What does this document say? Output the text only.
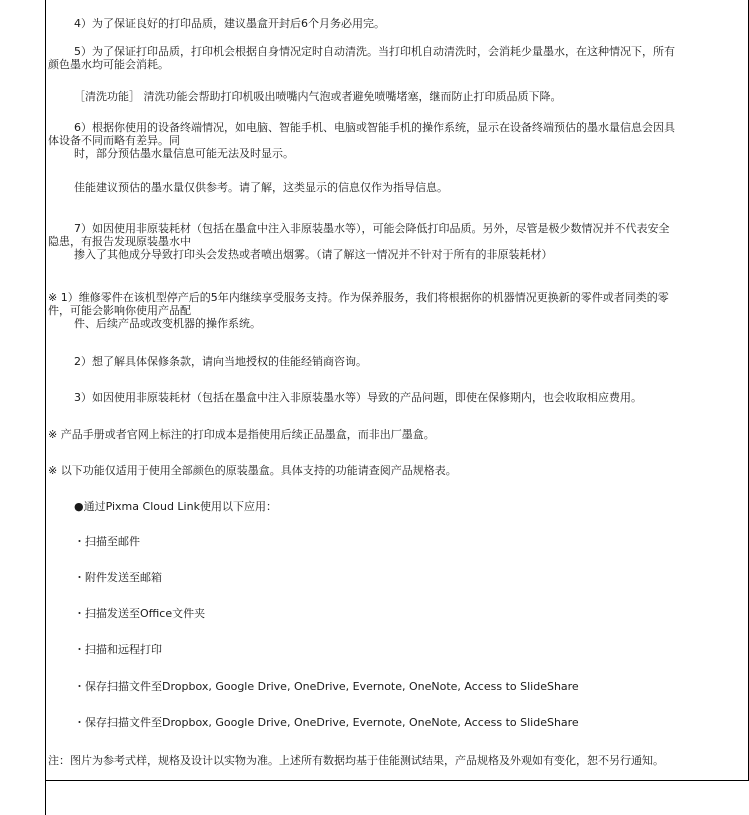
4）为了保证良好的打印品质，建议墨盒开封后6个月务必用完。
5）为了保证打印品质，打印机会根据自身情况定时自动清洗。当打印机自动清洗时，会消耗少量墨水，在这种情况下，所有
颜色墨水均可能会消耗。
［清洗功能］ 清洗功能会帮助打印机吸出喷嘴内气泡或者避免喷嘴堵塞，继而防止打印质品质下降。
6）根据你使用的设备终端情况，如电脑、智能手机、电脑或智能手机的操作系统，显示在设备终端预估的墨水量信息会因具
体设备不同而略有差异。同
时，部分预估墨水量信息可能无法及时显示。
佳能建议预估的墨水量仅供参考。请了解，这类显示的信息仅作为指导信息。
7）如因使用非原装耗材（包括在墨盒中注入非原装墨水等），可能会降低打印品质。另外，尽管是极少数情况并不代表安全
隐患，有报告发现原装墨水中
掺入了其他成分导致打印头会发热或者喷出烟雾。（请了解这一情况并不针对于所有的非原装耗材）
※ 1）维修零件在该机型停产后的5年内继续享受服务支持。作为保养服务，我们将根据你的机器情况更换新的零件或者同类的零
件，可能会影响你使用产品配
件、后续产品或改变机器的操作系统。
2）想了解具体保修条款，请向当地授权的佳能经销商咨询。
3）如因使用非原装耗材（包括在墨盒中注入非原装墨水等）导致的产品问题，即使在保修期内，也会收取相应费用。
※ 产品手册或者官网上标注的打印成本是指使用后续正品墨盒，而非出厂墨盒。
※ 以下功能仅适用于使用全部颜色的原装墨盒。具体支持的功能请查阅产品规格表。
●通过Pixma Cloud Link使用以下应用：
・扫描至邮件
・附件发送至邮箱
・扫描发送至Office文件夹
・扫描和远程打印
・保存扫描文件至Dropbox, Google Drive, OneDrive, Evernote, OneNote, Access to SlideShare
・保存扫描文件至Dropbox, Google Drive, OneDrive, Evernote, OneNote, Access to SlideShare
注：图片为参考式样，规格及设计以实物为准。上述所有数据均基于佳能测试结果，产品规格及外观如有变化，恕不另行通知。
